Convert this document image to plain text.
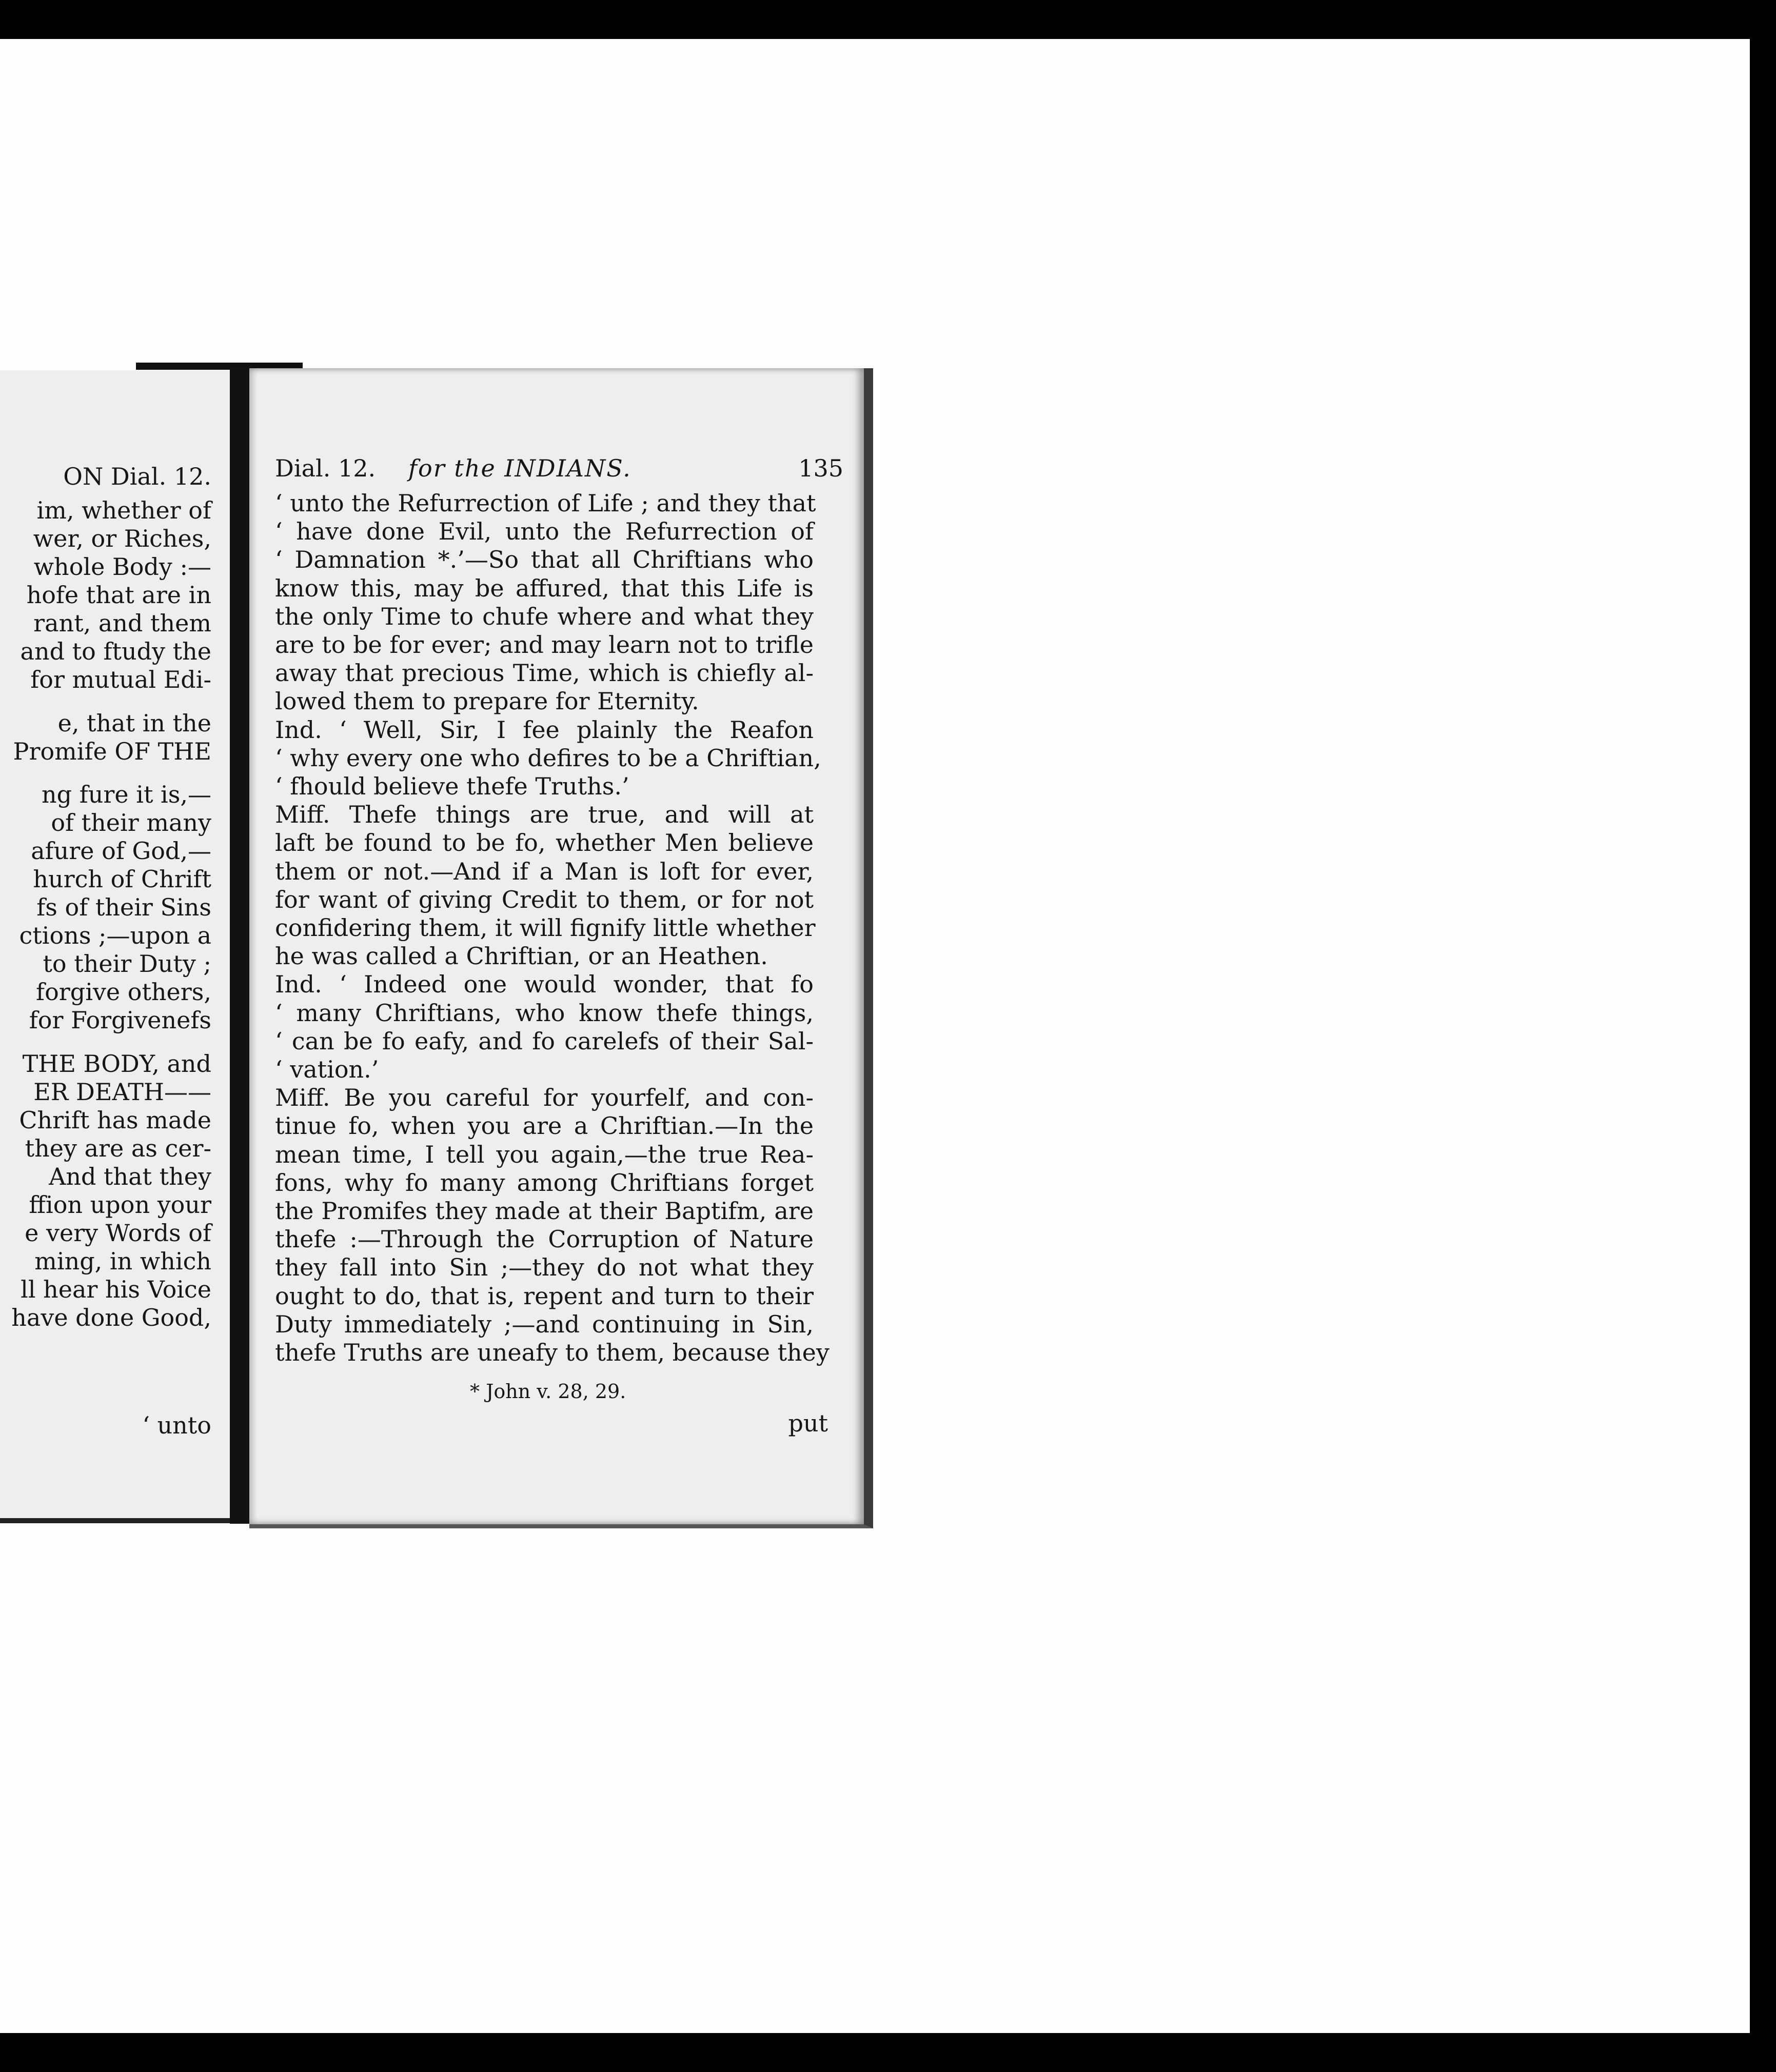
ON Dial. 12.
im, whether of
wer, or Riches,
whole Body :—
hofe that are in
rant, and them
and to ftudy the
for mutual Edi-
e, that in the
Promife OF THE
ng fure it is,—
of their many
afure of God,—
hurch of Chrift
fs of their Sins
ctions ;—upon a
to their Duty ;
forgive others,
for Forgivenefs
THE BODY, and
ER DEATH——
Chrift has made
they are as cer-
And that they
ffion upon your
e very Words of
ming, in which
ll hear his Voice
have done Good,
‘ unto
Dial. 12. for the INDIANS.	135
‘ unto the Refurrection of Life ; and they that
‘ have done Evil, unto the Refurrection of
‘ Damnation *.’—So that all Chriftians who
know this, may be affured, that this Life is
the only Time to chufe where and what they
are to be for ever; and may learn not to trifle
away that precious Time, which is chiefly al-
lowed them to prepare for Eternity.
Ind. ‘ Well, Sir, I fee plainly the Reafon
‘ why every one who defires to be a Chriftian,
‘ fhould believe thefe Truths.’
Miff. Thefe things are true, and will at
laft be found to be fo, whether Men believe
them or not.—And if a Man is loft for ever,
for want of giving Credit to them, or for not
confidering them, it will fignify little whether
he was called a Chriftian, or an Heathen.
Ind. ‘ Indeed one would wonder, that fo
‘ many Chriftians, who know thefe things,
‘ can be fo eafy, and fo carelefs of their Sal-
‘ vation.’
Miff. Be you careful for yourfelf, and con-
tinue fo, when you are a Chriftian.—In the
mean time, I tell you again,—the true Rea-
fons, why fo many among Chriftians forget
the Promifes they made at their Baptifm, are
thefe :—Through the Corruption of Nature
they fall into Sin ;—they do not what they
ought to do, that is, repent and turn to their
Duty immediately ;—and continuing in Sin,
thefe Truths are uneafy to them, because they
* John v. 28, 29.
put
